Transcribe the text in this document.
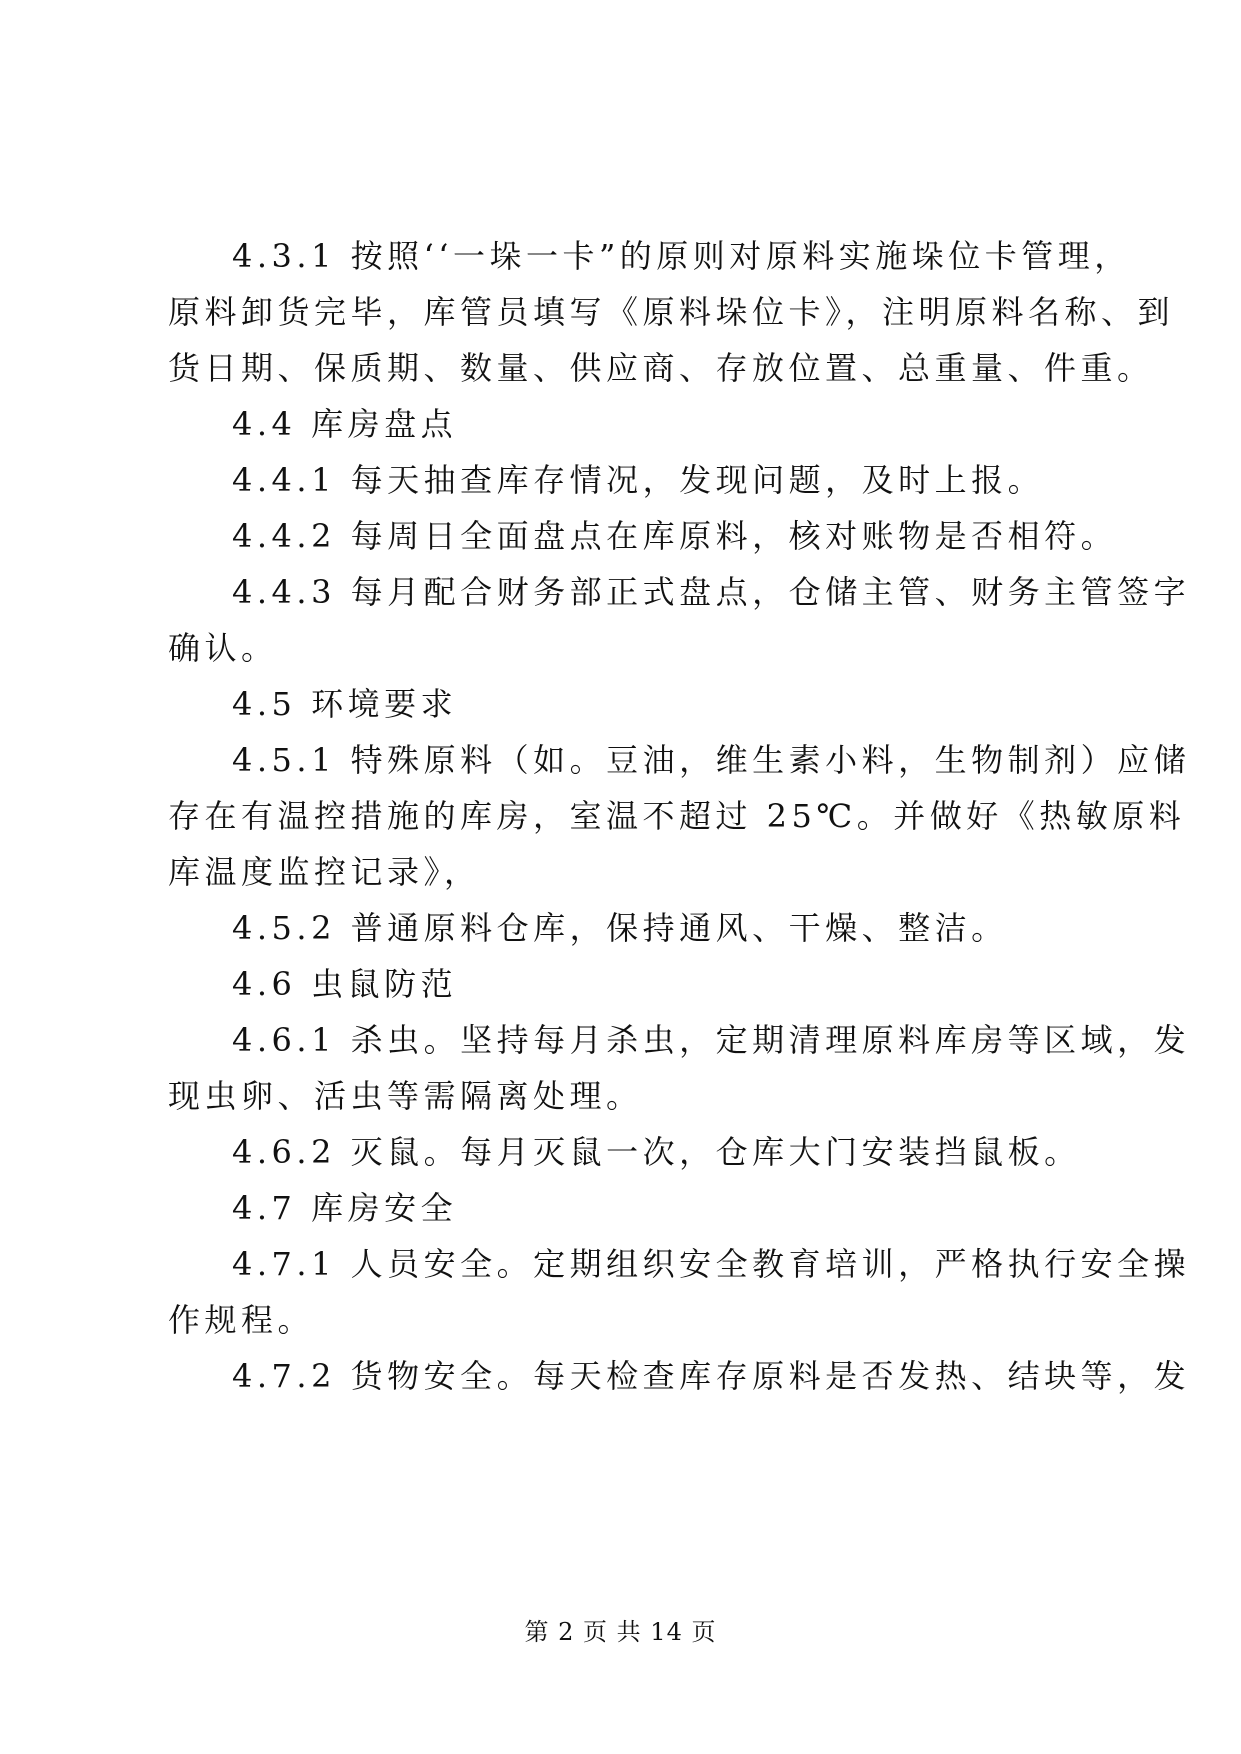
4.3.1 按照‘‘一垛一卡”的原则对原料实施垛位卡管理，
原料卸货完毕，库管员填写《原料垛位卡》，注明原料名称、到
货日期、保质期、数量、供应商、存放位置、总重量、件重。
4.4 库房盘点
4.4.1 每天抽查库存情况，发现问题，及时上报。
4.4.2 每周日全面盘点在库原料，核对账物是否相符。
4.4.3 每月配合财务部正式盘点，仓储主管、财务主管签字
确认。
4.5 环境要求
4.5.1 特殊原料（如。豆油，维生素小料，生物制剂）应储
存在有温控措施的库房，室温不超过 25℃。并做好《热敏原料
库温度监控记录》，
4.5.2 普通原料仓库，保持通风、干燥、整洁。
4.6 虫鼠防范
4.6.1 杀虫。坚持每月杀虫，定期清理原料库房等区域，发
现虫卵、活虫等需隔离处理。
4.6.2 灭鼠。每月灭鼠一次，仓库大门安装挡鼠板。
4.7 库房安全
4.7.1 人员安全。定期组织安全教育培训，严格执行安全操
作规程。
4.7.2 货物安全。每天检查库存原料是否发热、结块等，发
第 2 页 共 14 页
